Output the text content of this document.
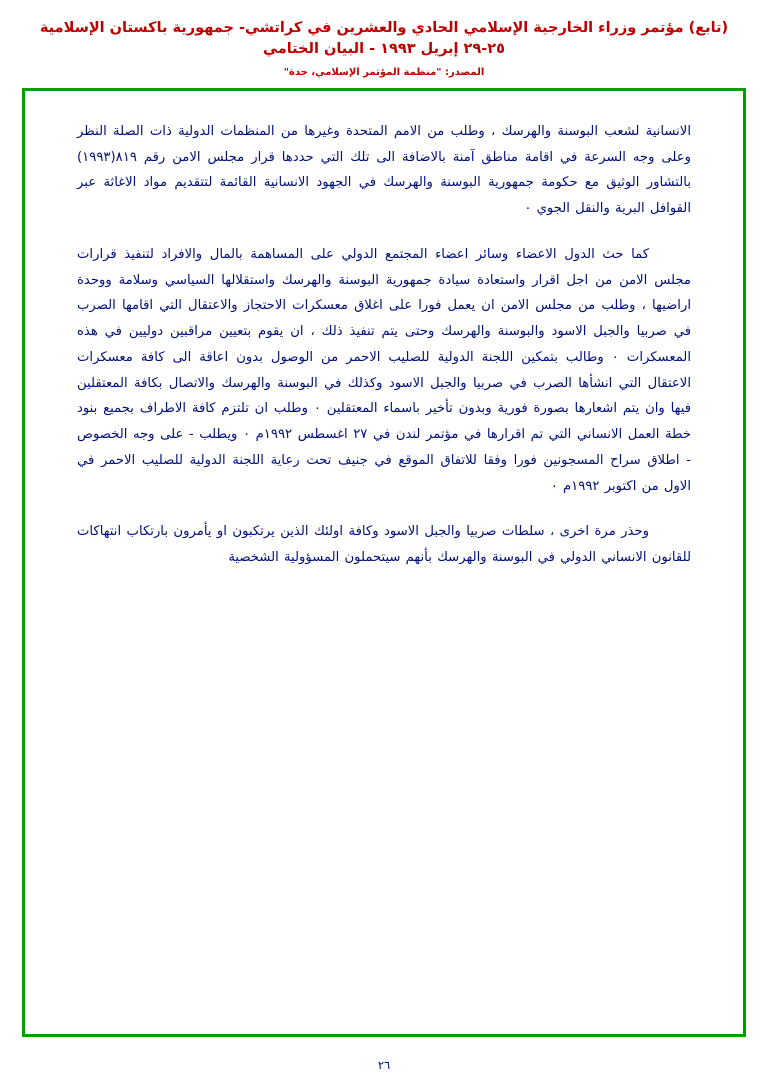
(تابع) مؤتمر وزراء الخارجية الإسلامي الحادي والعشرين في كراتشي- جمهورية باكستان الإسلامية ٢٥-٢٩ إبريل ١٩٩٣ - البيان الختامي
المصدر: "منظمة المؤتمر الإسلامي، جدة"

الانسانية لشعب البوسنة والهرسك ، وطلب من الامم المتحدة وغيرها من المنظمات الدولية ذات الصلة النظر وعلى وجه السرعة في اقامة مناطق آمنة بالاضافة الى تلك التي حددها قرار مجلس الامن رقم ٨١٩(١٩٩٣) بالتشاور الوثيق مع حكومة جمهورية البوسنة والهرسك في الجهود الانسانية القائمة لتتقديم مواد الاغاثة عبر القوافل البرية والنقل الجوي ٠

كما حث الدول الاعضاء وسائر اعضاء المجتمع الدولي على المساهمة بالمال والافراد لتنفيذ قرارات مجلس الامن من اجل اقرار واستعادة سيادة جمهورية البوسنة والهرسك واستقلالها السياسي وسلامة ووحدة اراضيها ، وطلب من مجلس الامن ان يعمل فورا على اغلاق معسكرات الاحتجاز والاعتقال التي اقامها الصرب في صربيا والجبل الاسود والبوسنة والهرسك وحتى يتم تنفيذ ذلك ، ان يقوم بتعيين مراقبين دوليين في هذه المعسكرات ٠ وطالب بتمكين اللجنة الدولية للصليب الاحمر من الوصول بدون اعاقة الى كافة معسكرات الاعتقال التي انشأها الصرب في صربيا والجبل الاسود وكذلك في البوسنة والهرسك والاتصال بكافة المعتقلين فيها وان يتم اشعارها بصورة فورية وبدون تأخير باسماء المعتقلين ٠ وطلب ان تلتزم كافة الاطراف بجميع بنود خطة العمل الانساني التي تم اقرارها في مؤتمر لندن في ٢٧ اغسطس ١٩٩٢م ٠ ويطلب - على وجه الخصوص - اطلاق سراح المسجونين فورا وفقا للاتفاق الموقع في جنيف تحت رعاية اللجنة الدولية للصليب الاحمر في الاول من اكتوبر ١٩٩٢م ٠

وحذر مرة اخرى ، سلطات صربيا والجبل الاسود وكافة اولئك الذين يرتكبون او يأمرون بارتكاب انتهاكات للقانون الانساني الدولي في البوسنة والهرسك بأنهم سيتحملون المسؤولية الشخصية

٢٦
